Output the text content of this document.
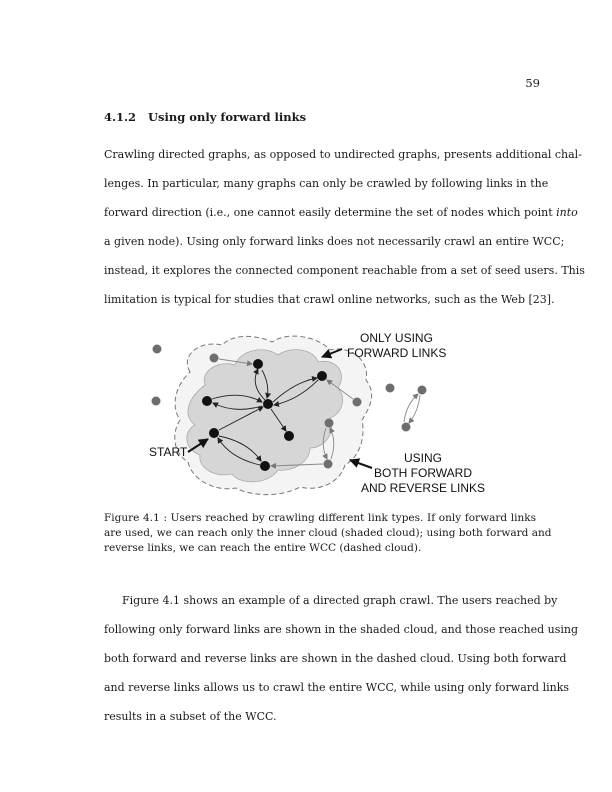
59
4.1.2 Using only forward links
Crawling directed graphs, as opposed to undirected graphs, presents additional chal-
lenges. In particular, many graphs can only be crawled by following links in the
forward direction (i.e., one cannot easily determine the set of nodes which point into
a given node). Using only forward links does not necessarily crawl an entire WCC;
instead, it explores the connected component reachable from a set of seed users. This
limitation is typical for studies that crawl online networks, such as the Web [23].
ONLY USING
FORWARD LINKS
START	USING
BOTH FORWARD
AND REVERSE LINKS
Figure 4.1 : Users reached by crawling different link types. If only forward links
are used, we can reach only the inner cloud (shaded cloud); using both forward and
reverse links, we can reach the entire WCC (dashed cloud).
Figure 4.1 shows an example of a directed graph crawl. The users reached by
following only forward links are shown in the shaded cloud, and those reached using
both forward and reverse links are shown in the dashed cloud. Using both forward
and reverse links allows us to crawl the entire WCC, while using only forward links
results in a subset of the WCC.
